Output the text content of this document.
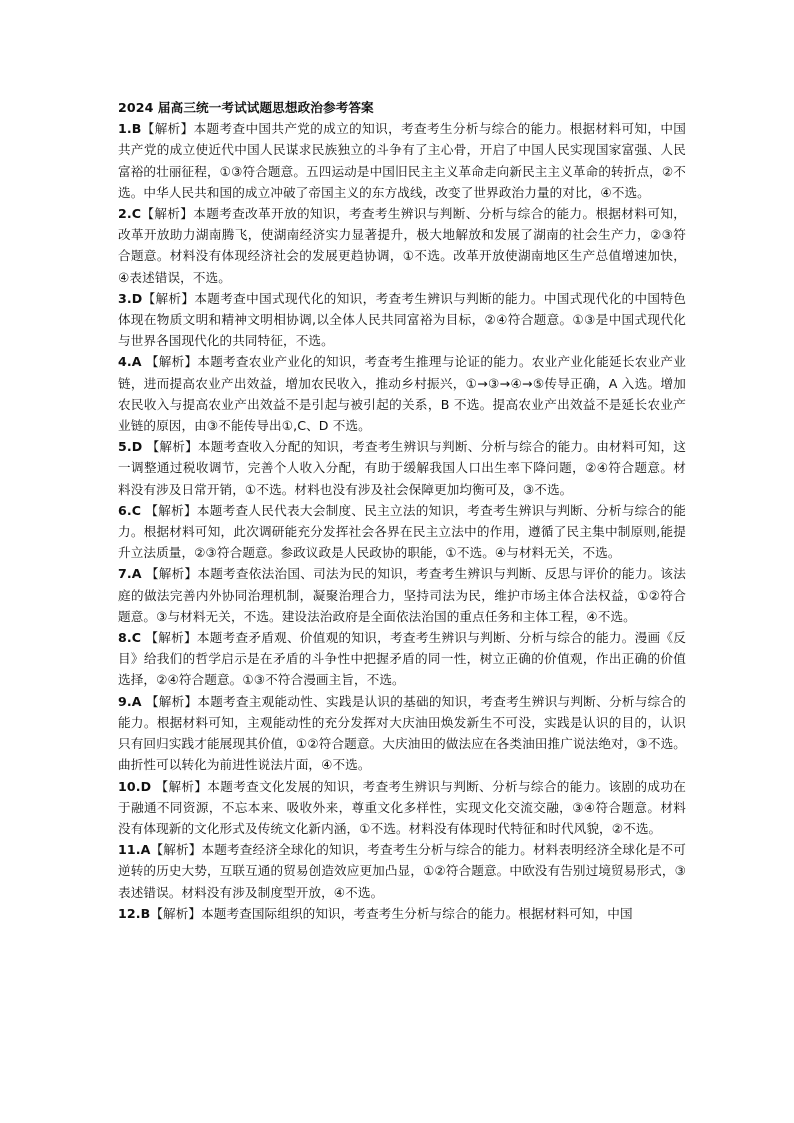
2024 届高三统一考试试题思想政治参考答案

1.B【解析】本题考查中国共产党的成立的知识，考查考生分析与综合的能力。根据材料可知，中国共产党的成立使近代中国人民谋求民族独立的斗争有了主心骨，开启了中国人民实现国家富强、人民富裕的壮丽征程，①③符合题意。五四运动是中国旧民主主义革命走向新民主主义革命的转折点，②不选。中华人民共和国的成立冲破了帝国主义的东方战线，改变了世界政治力量的对比，④不选。

2.C【解析】本题考查改革开放的知识，考查考生辨识与判断、分析与综合的能力。根据材料可知，改革开放助力湖南腾飞，使湖南经济实力显著提升，极大地解放和发展了湖南的社会生产力，②③符合题意。材料没有体现经济社会的发展更趋协调，①不选。改革开放使湖南地区生产总值增速加快，④表述错误，不选。

3.D【解析】本题考查中国式现代化的知识，考查考生辨识与判断的能力。中国式现代化的中国特色体现在物质文明和精神文明相协调,以全体人民共同富裕为目标，②④符合题意。①③是中国式现代化与世界各国现代化的共同特征，不选。

4.A 【解析】本题考查农业产业化的知识，考查考生推理与论证的能力。农业产业化能延长农业产业链，进而提高农业产出效益，增加农民收入，推动乡村振兴，①→③→④→⑤传导正确，A 入选。增加农民收入与提高农业产出效益不是引起与被引起的关系，B 不选。提高农业产出效益不是延长农业产业链的原因，由③不能传导出①,C、D 不选。

5.D 【解析】本题考查收入分配的知识，考查考生辨识与判断、分析与综合的能力。由材料可知，这一调整通过税收调节，完善个人收入分配，有助于缓解我国人口出生率下降问题，②④符合题意。材料没有涉及日常开销，①不选。材料也没有涉及社会保障更加均衡可及，③不选。

6.C 【解析】本题考查人民代表大会制度、民主立法的知识，考查考生辨识与判断、分析与综合的能力。根据材料可知，此次调研能充分发挥社会各界在民主立法中的作用，遵循了民主集中制原则,能提升立法质量，②③符合题意。参政议政是人民政协的职能，①不选。④与材料无关，不选。

7.A 【解析】本题考查依法治国、司法为民的知识，考查考生辨识与判断、反思与评价的能力。该法庭的做法完善内外协同治理机制，凝聚治理合力，坚持司法为民，维护市场主体合法权益，①②符合题意。③与材料无关，不选。建设法治政府是全面依法治国的重点任务和主体工程，④不选。

8.C 【解析】本题考查矛盾观、价值观的知识，考查考生辨识与判断、分析与综合的能力。漫画《反目》给我们的哲学启示是在矛盾的斗争性中把握矛盾的同一性，树立正确的价值观，作出正确的价值选择，②④符合题意。①③不符合漫画主旨，不选。

9.A 【解析】本题考查主观能动性、实践是认识的基础的知识，考查考生辨识与判断、分析与综合的能力。根据材料可知，主观能动性的充分发挥对大庆油田焕发新生不可没，实践是认识的目的，认识只有回归实践才能展现其价值，①②符合题意。大庆油田的做法应在各类油田推广说法绝对，③不选。曲折性可以转化为前进性说法片面，④不选。

10.D 【解析】本题考查文化发展的知识，考查考生辨识与判断、分析与综合的能力。该剧的成功在于融通不同资源，不忘本来、吸收外来，尊重文化多样性，实现文化交流交融，③④符合题意。材料没有体现新的文化形式及传统文化新内涵，①不选。材料没有体现时代特征和时代风貌，②不选。

11.A【解析】本题考查经济全球化的知识，考查考生分析与综合的能力。材料表明经济全球化是不可逆转的历史大势，互联互通的贸易创造效应更加凸显，①②符合题意。中欧没有告别过境贸易形式，③表述错误。材料没有涉及制度型开放，④不选。

12.B【解析】本题考查国际组织的知识，考查考生分析与综合的能力。根据材料可知，中国
